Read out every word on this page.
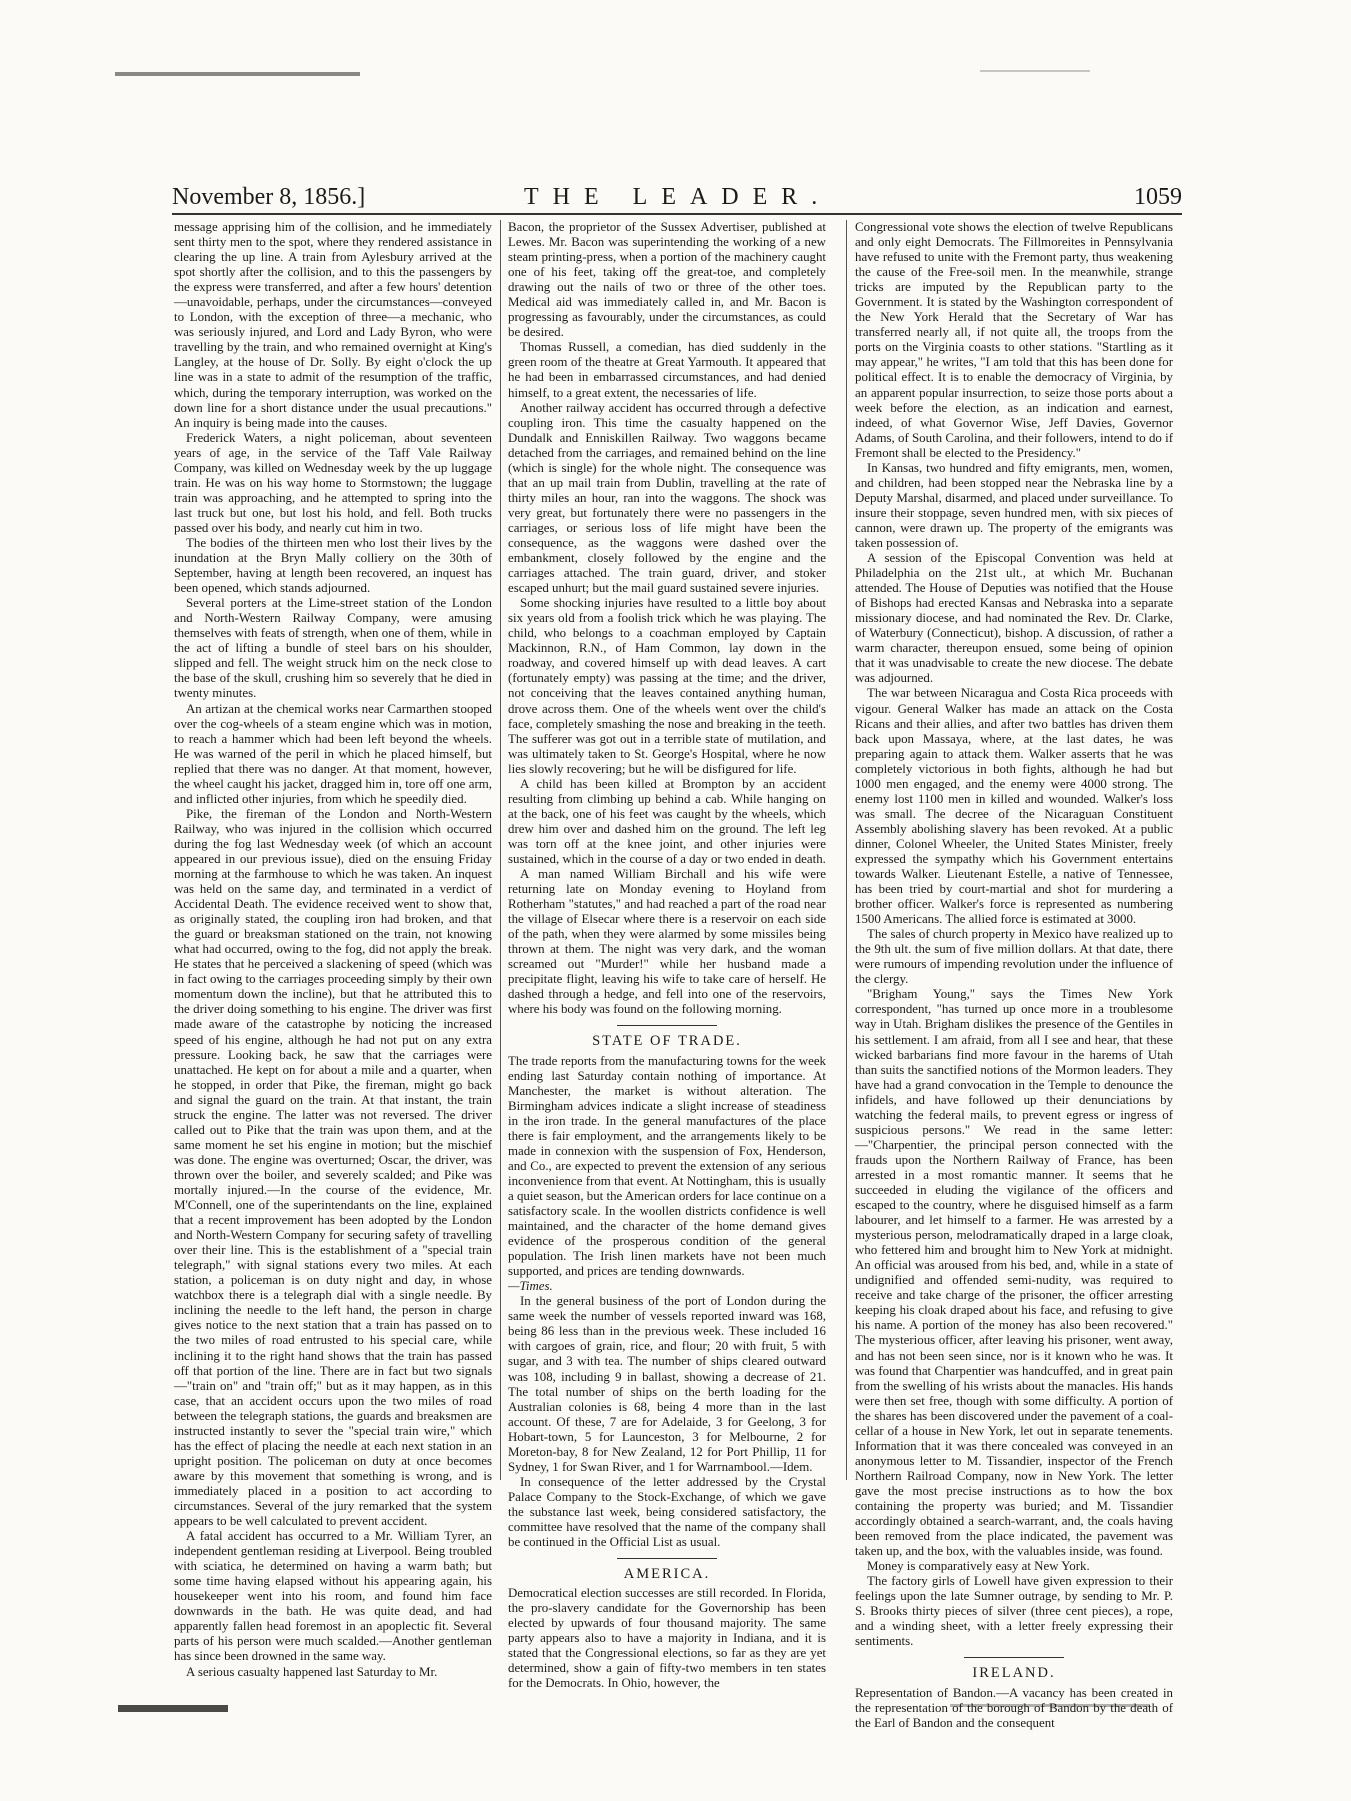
November 8, 1856.]	THE LEADER.	1059

message apprising him of the collision, and he immediately sent thirty men to the spot, where they rendered assistance in clearing the up line. A train from Aylesbury arrived at the spot shortly after the collision, and to this the passengers by the express were transferred, and after a few hours' detention—unavoidable, perhaps, under the circumstances—conveyed to London, with the exception of three—a mechanic, who was seriously injured, and Lord and Lady Byron, who were travelling by the train, and who remained overnight at King's Langley, at the house of Dr. Solly. By eight o'clock the up line was in a state to admit of the resumption of the traffic, which, during the temporary interruption, was worked on the down line for a short distance under the usual precautions." An inquiry is being made into the causes.

Frederick Waters, a night policeman, about seventeen years of age, in the service of the Taff Vale Railway Company, was killed on Wednesday week by the up luggage train. He was on his way home to Stormstown; the luggage train was approaching, and he attempted to spring into the last truck but one, but lost his hold, and fell. Both trucks passed over his body, and nearly cut him in two.

The bodies of the thirteen men who lost their lives by the inundation at the Bryn Mally colliery on the 30th of September, having at length been recovered, an inquest has been opened, which stands adjourned.

Several porters at the Lime-street station of the London and North-Western Railway Company, were amusing themselves with feats of strength, when one of them, while in the act of lifting a bundle of steel bars on his shoulder, slipped and fell. The weight struck him on the neck close to the base of the skull, crushing him so severely that he died in twenty minutes.

An artizan at the chemical works near Carmarthen stooped over the cog-wheels of a steam engine which was in motion, to reach a hammer which had been left beyond the wheels. He was warned of the peril in which he placed himself, but replied that there was no danger. At that moment, however, the wheel caught his jacket, dragged him in, tore off one arm, and inflicted other injuries, from which he speedily died.

Pike, the fireman of the London and North-Western Railway, who was injured in the collision which occurred during the fog last Wednesday week (of which an account appeared in our previous issue), died on the ensuing Friday morning at the farmhouse to which he was taken. An inquest was held on the same day, and terminated in a verdict of Accidental Death. The evidence received went to show that, as originally stated, the coupling iron had broken, and that the guard or breaksman stationed on the train, not knowing what had occurred, owing to the fog, did not apply the break. He states that he perceived a slackening of speed (which was in fact owing to the carriages proceeding simply by their own momentum down the incline), but that he attributed this to the driver doing something to his engine. The driver was first made aware of the catastrophe by noticing the increased speed of his engine, although he had not put on any extra pressure. Looking back, he saw that the carriages were unattached. He kept on for about a mile and a quarter, when he stopped, in order that Pike, the fireman, might go back and signal the guard on the train. At that instant, the train struck the engine. The latter was not reversed. The driver called out to Pike that the train was upon them, and at the same moment he set his engine in motion; but the mischief was done. The engine was overturned; Oscar, the driver, was thrown over the boiler, and severely scalded; and Pike was mortally injured.—In the course of the evidence, Mr. M'Connell, one of the superintendants on the line, explained that a recent improvement has been adopted by the London and North-Western Company for securing safety of travelling over their line. This is the establishment of a "special train telegraph," with signal stations every two miles. At each station, a policeman is on duty night and day, in whose watchbox there is a telegraph dial with a single needle. By inclining the needle to the left hand, the person in charge gives notice to the next station that a train has passed on to the two miles of road entrusted to his special care, while inclining it to the right hand shows that the train has passed off that portion of the line. There are in fact but two signals—"train on" and "train off;" but as it may happen, as in this case, that an accident occurs upon the two miles of road between the telegraph stations, the guards and breaksmen are instructed instantly to sever the "special train wire," which has the effect of placing the needle at each next station in an upright position. The policeman on duty at once becomes aware by this movement that something is wrong, and is immediately placed in a position to act according to circumstances. Several of the jury remarked that the system appears to be well calculated to prevent accident.

A fatal accident has occurred to a Mr. William Tyrer, an independent gentleman residing at Liverpool. Being troubled with sciatica, he determined on having a warm bath; but some time having elapsed without his appearing again, his housekeeper went into his room, and found him face downwards in the bath. He was quite dead, and had apparently fallen head foremost in an apoplectic fit. Several parts of his person were much scalded.—Another gentleman has since been drowned in the same way.

A serious casualty happened last Saturday to Mr.

Bacon, the proprietor of the Sussex Advertiser, published at Lewes. Mr. Bacon was superintending the working of a new steam printing-press, when a portion of the machinery caught one of his feet, taking off the great-toe, and completely drawing out the nails of two or three of the other toes. Medical aid was immediately called in, and Mr. Bacon is progressing as favourably, under the circumstances, as could be desired.

Thomas Russell, a comedian, has died suddenly in the green room of the theatre at Great Yarmouth. It appeared that he had been in embarrassed circumstances, and had denied himself, to a great extent, the necessaries of life.

Another railway accident has occurred through a defective coupling iron. This time the casualty happened on the Dundalk and Enniskillen Railway. Two waggons became detached from the carriages, and remained behind on the line (which is single) for the whole night. The consequence was that an up mail train from Dublin, travelling at the rate of thirty miles an hour, ran into the waggons. The shock was very great, but fortunately there were no passengers in the carriages, or serious loss of life might have been the consequence, as the waggons were dashed over the embankment, closely followed by the engine and the carriages attached. The train guard, driver, and stoker escaped unhurt; but the mail guard sustained severe injuries.

Some shocking injuries have resulted to a little boy about six years old from a foolish trick which he was playing. The child, who belongs to a coachman employed by Captain Mackinnon, R.N., of Ham Common, lay down in the roadway, and covered himself up with dead leaves. A cart (fortunately empty) was passing at the time; and the driver, not conceiving that the leaves contained anything human, drove across them. One of the wheels went over the child's face, completely smashing the nose and breaking in the teeth. The sufferer was got out in a terrible state of mutilation, and was ultimately taken to St. George's Hospital, where he now lies slowly recovering; but he will be disfigured for life.

A child has been killed at Brompton by an accident resulting from climbing up behind a cab. While hanging on at the back, one of his feet was caught by the wheels, which drew him over and dashed him on the ground. The left leg was torn off at the knee joint, and other injuries were sustained, which in the course of a day or two ended in death.

A man named William Birchall and his wife were returning late on Monday evening to Hoyland from Rotherham "statutes," and had reached a part of the road near the village of Elsecar where there is a reservoir on each side of the path, when they were alarmed by some missiles being thrown at them. The night was very dark, and the woman screamed out "Murder!" while her husband made a precipitate flight, leaving his wife to take care of herself. He dashed through a hedge, and fell into one of the reservoirs, where his body was found on the following morning.

STATE OF TRADE.

The trade reports from the manufacturing towns for the week ending last Saturday contain nothing of importance. At Manchester, the market is without alteration. The Birmingham advices indicate a slight increase of steadiness in the iron trade. In the general manufactures of the place there is fair employment, and the arrangements likely to be made in connexion with the suspension of Fox, Henderson, and Co., are expected to prevent the extension of any serious inconvenience from that event. At Nottingham, this is usually a quiet season, but the American orders for lace continue on a satisfactory scale. In the woollen districts confidence is well maintained, and the character of the home demand gives evidence of the prosperous condition of the general population. The Irish linen markets have not been much supported, and prices are tending downwards.

—Times.

In the general business of the port of London during the same week the number of vessels reported inward was 168, being 86 less than in the previous week. These included 16 with cargoes of grain, rice, and flour; 20 with fruit, 5 with sugar, and 3 with tea. The number of ships cleared outward was 108, including 9 in ballast, showing a decrease of 21. The total number of ships on the berth loading for the Australian colonies is 68, being 4 more than in the last account. Of these, 7 are for Adelaide, 3 for Geelong, 3 for Hobart-town, 5 for Launceston, 3 for Melbourne, 2 for Moreton-bay, 8 for New Zealand, 12 for Port Phillip, 11 for Sydney, 1 for Swan River, and 1 for Warrnambool.—Idem.

In consequence of the letter addressed by the Crystal Palace Company to the Stock-Exchange, of which we gave the substance last week, being considered satisfactory, the committee have resolved that the name of the company shall be continued in the Official List as usual.

AMERICA.

Democratical election successes are still recorded. In Florida, the pro-slavery candidate for the Governorship has been elected by upwards of four thousand majority. The same party appears also to have a majority in Indiana, and it is stated that the Congressional elections, so far as they are yet determined, show a gain of fifty-two members in ten states for the Democrats. In Ohio, however, the

Congressional vote shows the election of twelve Republicans and only eight Democrats. The Fillmoreites in Pennsylvania have refused to unite with the Fremont party, thus weakening the cause of the Free-soil men. In the meanwhile, strange tricks are imputed by the Republican party to the Government. It is stated by the Washington correspondent of the New York Herald that the Secretary of War has transferred nearly all, if not quite all, the troops from the ports on the Virginia coasts to other stations. "Startling as it may appear," he writes, "I am told that this has been done for political effect. It is to enable the democracy of Virginia, by an apparent popular insurrection, to seize those ports about a week before the election, as an indication and earnest, indeed, of what Governor Wise, Jeff Davies, Governor Adams, of South Carolina, and their followers, intend to do if Fremont shall be elected to the Presidency."

In Kansas, two hundred and fifty emigrants, men, women, and children, had been stopped near the Nebraska line by a Deputy Marshal, disarmed, and placed under surveillance. To insure their stoppage, seven hundred men, with six pieces of cannon, were drawn up. The property of the emigrants was taken possession of.

A session of the Episcopal Convention was held at Philadelphia on the 21st ult., at which Mr. Buchanan attended. The House of Deputies was notified that the House of Bishops had erected Kansas and Nebraska into a separate missionary diocese, and had nominated the Rev. Dr. Clarke, of Waterbury (Connecticut), bishop. A discussion, of rather a warm character, thereupon ensued, some being of opinion that it was unadvisable to create the new diocese. The debate was adjourned.

The war between Nicaragua and Costa Rica proceeds with vigour. General Walker has made an attack on the Costa Ricans and their allies, and after two battles has driven them back upon Massaya, where, at the last dates, he was preparing again to attack them. Walker asserts that he was completely victorious in both fights, although he had but 1000 men engaged, and the enemy were 4000 strong. The enemy lost 1100 men in killed and wounded. Walker's loss was small. The decree of the Nicaraguan Constituent Assembly abolishing slavery has been revoked. At a public dinner, Colonel Wheeler, the United States Minister, freely expressed the sympathy which his Government entertains towards Walker. Lieutenant Estelle, a native of Tennessee, has been tried by court-martial and shot for murdering a brother officer. Walker's force is represented as numbering 1500 Americans. The allied force is estimated at 3000.

The sales of church property in Mexico have realized up to the 9th ult. the sum of five million dollars. At that date, there were rumours of impending revolution under the influence of the clergy.

"Brigham Young," says the Times New York correspondent, "has turned up once more in a troublesome way in Utah. Brigham dislikes the presence of the Gentiles in his settlement. I am afraid, from all I see and hear, that these wicked barbarians find more favour in the harems of Utah than suits the sanctified notions of the Mormon leaders. They have had a grand convocation in the Temple to denounce the infidels, and have followed up their denunciations by watching the federal mails, to prevent egress or ingress of suspicious persons." We read in the same letter:—"Charpentier, the principal person connected with the frauds upon the Northern Railway of France, has been arrested in a most romantic manner. It seems that he succeeded in eluding the vigilance of the officers and escaped to the country, where he disguised himself as a farm labourer, and let himself to a farmer. He was arrested by a mysterious person, melodramatically draped in a large cloak, who fettered him and brought him to New York at midnight. An official was aroused from his bed, and, while in a state of undignified and offended semi-nudity, was required to receive and take charge of the prisoner, the officer arresting keeping his cloak draped about his face, and refusing to give his name. A portion of the money has also been recovered." The mysterious officer, after leaving his prisoner, went away, and has not been seen since, nor is it known who he was. It was found that Charpentier was handcuffed, and in great pain from the swelling of his wrists about the manacles. His hands were then set free, though with some difficulty. A portion of the shares has been discovered under the pavement of a coal-cellar of a house in New York, let out in separate tenements. Information that it was there concealed was conveyed in an anonymous letter to M. Tissandier, inspector of the French Northern Railroad Company, now in New York. The letter gave the most precise instructions as to how the box containing the property was buried; and M. Tissandier accordingly obtained a search-warrant, and, the coals having been removed from the place indicated, the pavement was taken up, and the box, with the valuables inside, was found.

Money is comparatively easy at New York.

The factory girls of Lowell have given expression to their feelings upon the late Sumner outrage, by sending to Mr. P. S. Brooks thirty pieces of silver (three cent pieces), a rope, and a winding sheet, with a letter freely expressing their sentiments.

IRELAND.

Representation of Bandon.—A vacancy has been created in the representation of the borough of Bandon by the death of the Earl of Bandon and the consequent
